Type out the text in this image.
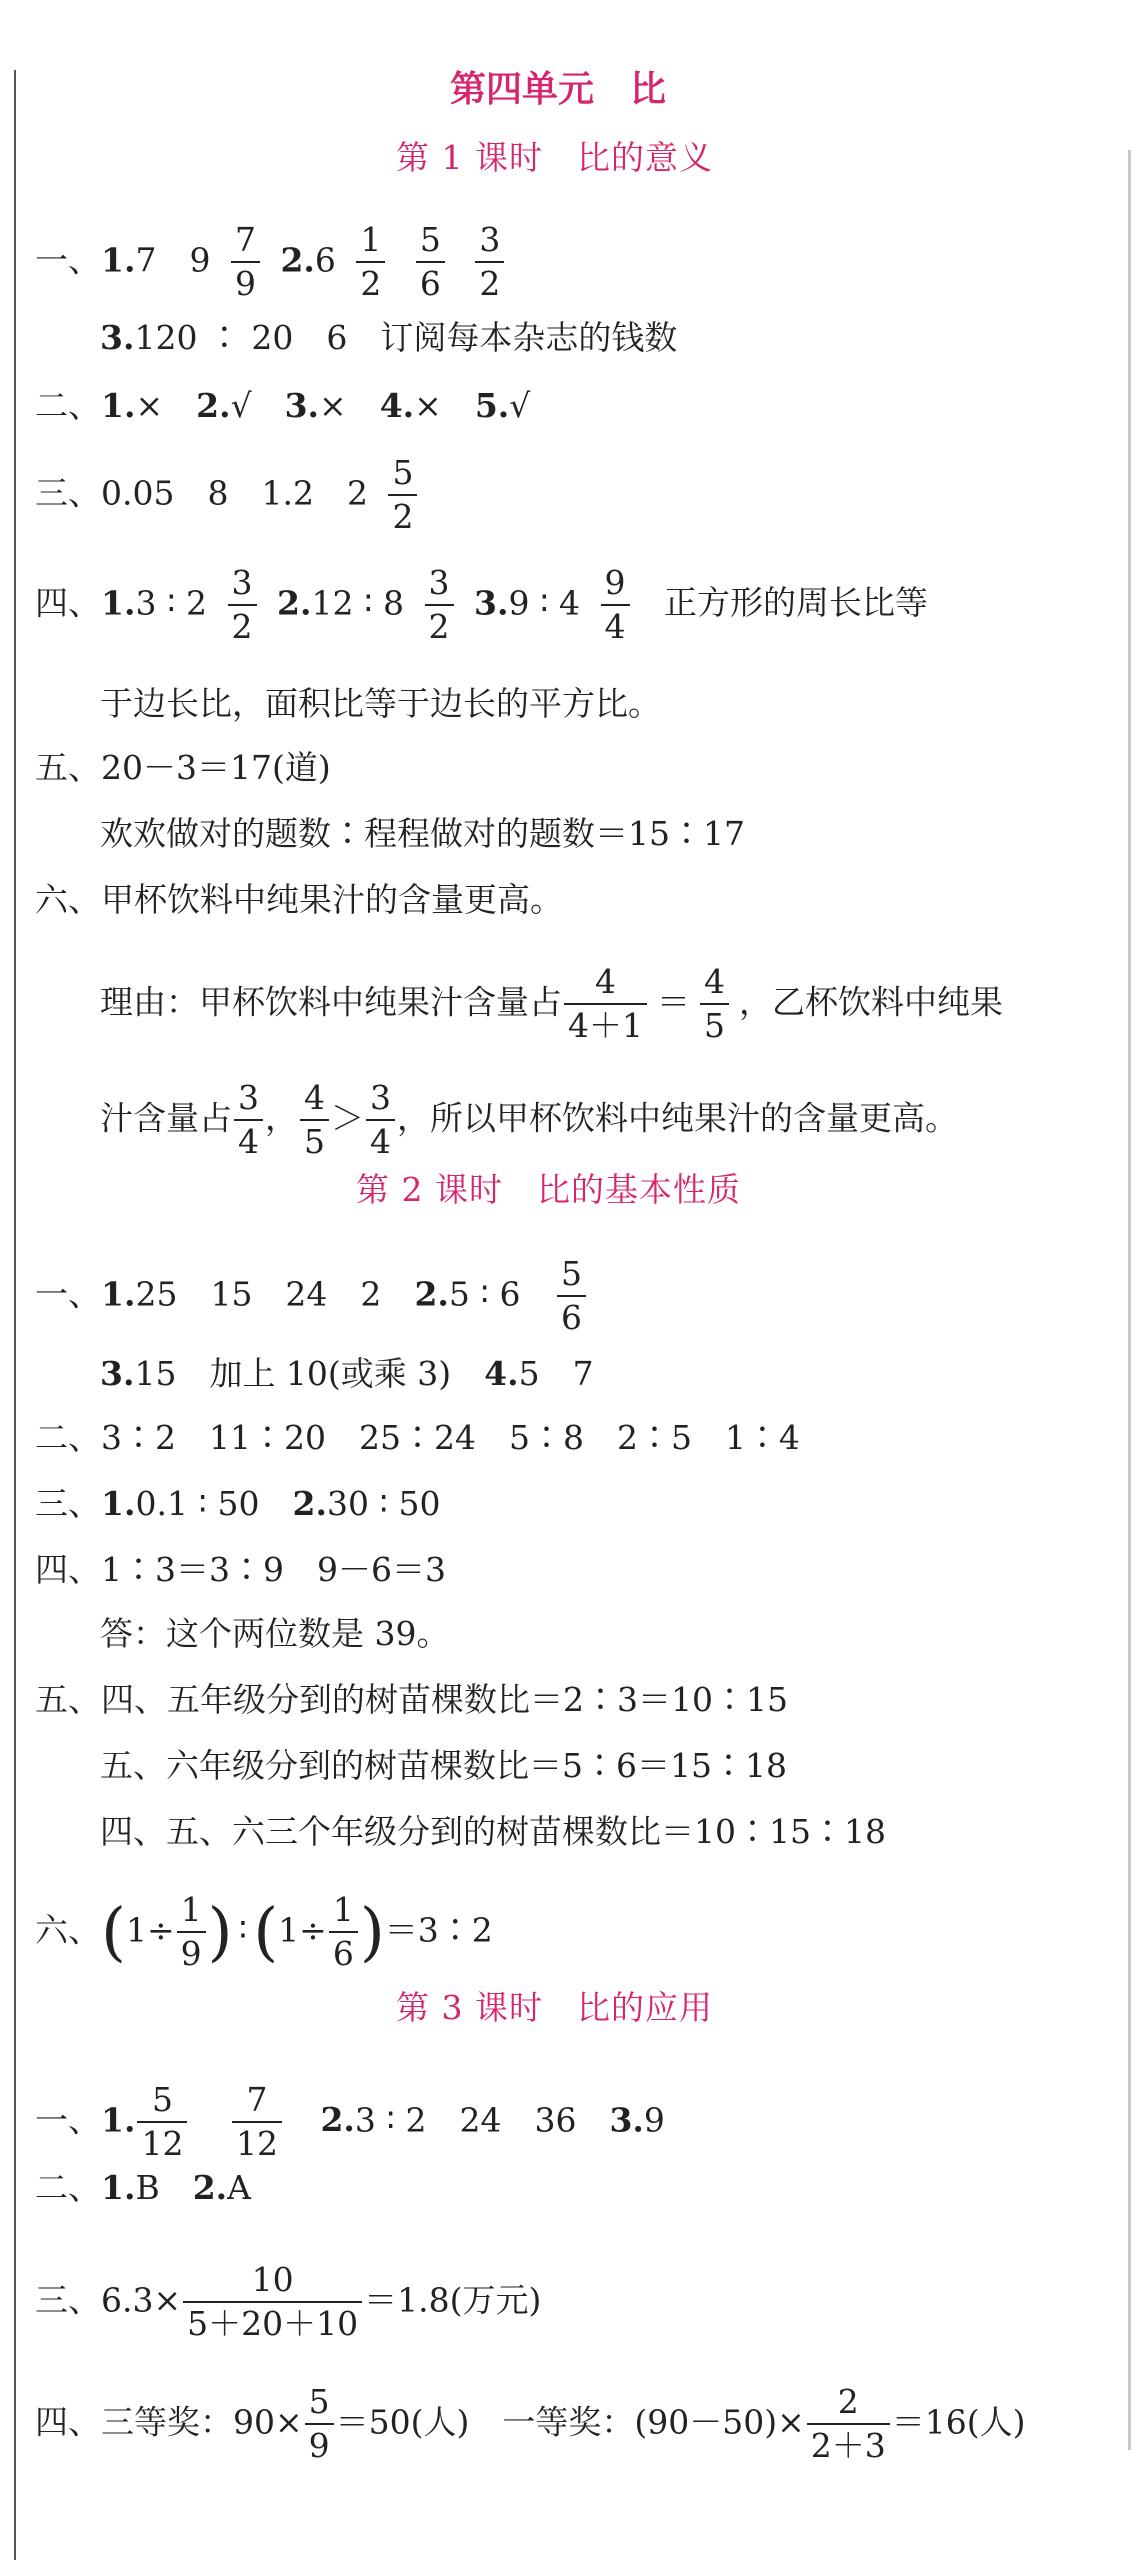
第四单元　比
第 1 课时　比的意义
一、1.7　$9 \frac{7}{9} 2.6 \frac{1}{2}$
$\frac{5}{6}$
$\frac{3}{2}$
3.120 ∶ 20　6　订阅每本杂志的钱数
二、1.×　2.√　3.×　4.×　5.√
三、0.05　8　1.2　$2 \frac{5}{2}$
四、1.3 ∶ $2 \frac{3}{2} 2.12$ ∶ $8 \frac{3}{2} 3.9$ ∶ $4 \frac{9}{4}$ 正方形的周长比等
于边长比，面积比等于边长的平方比。
五、20－3＝17(道)
欢欢做对的题数∶程程做对的题数＝15∶17
六、甲杯饮料中纯果汁的含量更高。
理由：甲杯饮料中纯果汁含量占 $\frac{4}{4+1} = \frac{4}{5}$ ，乙杯饮料中纯果
汁含量占 $\frac{3}{4}$ ， $\frac{4}{5} > \frac{3}{4}$ ，所以甲杯饮料中纯果汁的含量更高。
第 2 课时　比的基本性质
一、1.25　15　24　2　2.5 ∶ $6 \frac{5}{6}$
3.15　加上 10(或乘 3)　4.5　7
二、3∶2　11∶20　25∶24　5∶8　2∶5　1∶4
三、1.0.1 ∶ 50　2.30 ∶ 50
四、1∶3＝3∶9　9－6＝3
答：这个两位数是 39。
五、四、五年级分到的树苗棵数比＝2∶3＝10∶15
五、六年级分到的树苗棵数比＝5∶6＝15∶18
四、五、六三个年级分到的树苗棵数比＝10∶15∶18
六、($1\div \frac{1}{9}$ ) ∶(1÷ $\frac{1}{6}$ )＝3∶2
第 3 课时　比的应用
一、1. $\frac{5}{12}$
$\frac{7}{12} 2.3$ ∶ 2　24　36　3.9
二、1.B　2.A
三、$6.3\times \frac{10}{5+20+10} =1.8$(万元)
四、三等奖：$90\times \frac{5}{9} =50$(人)　一等奖：$(90-50)\times \frac{2}{2+3} =16$(人)
